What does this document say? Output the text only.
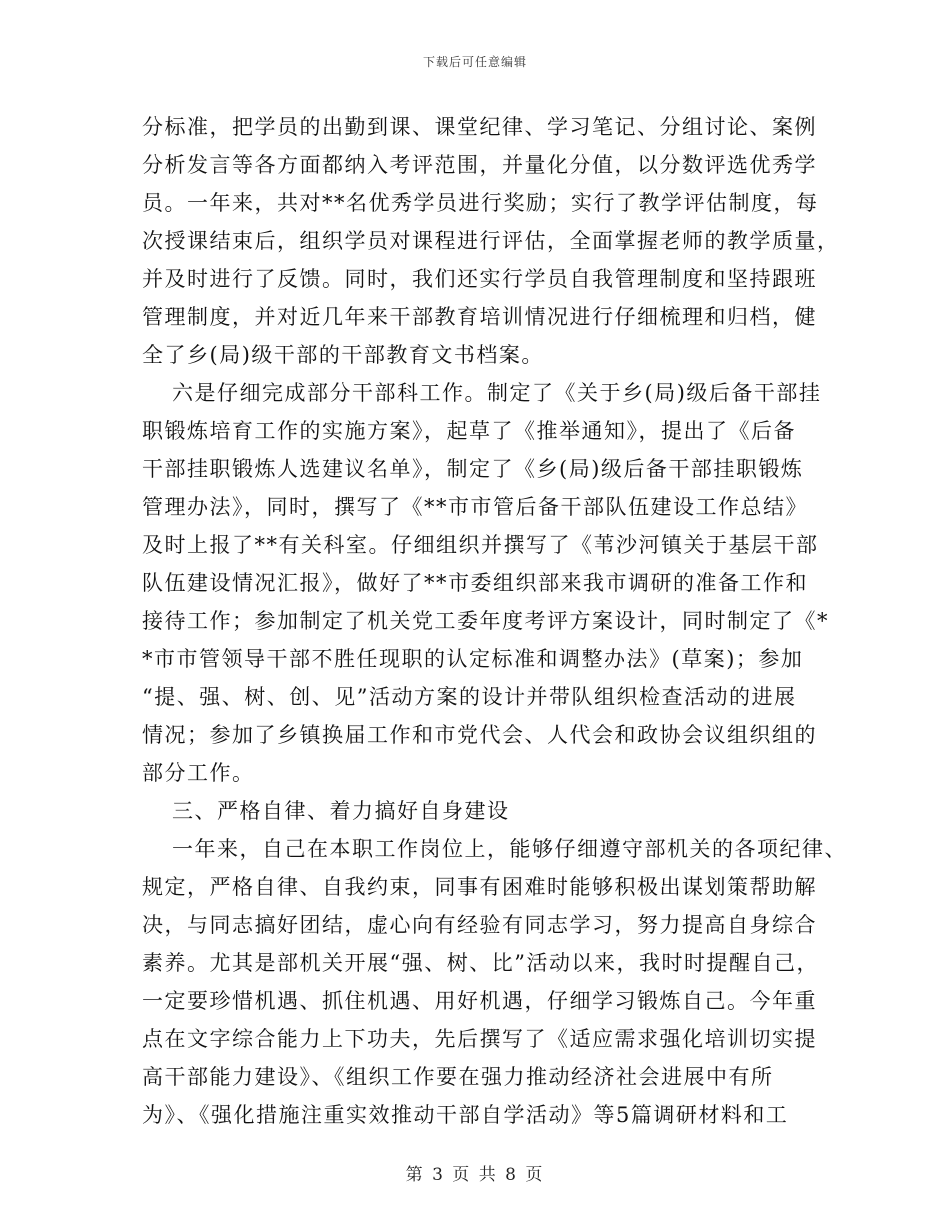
下载后可任意编辑
分标准，把学员的出勤到课、课堂纪律、学习笔记、分组讨论、案例
分析发言等各方面都纳入考评范围，并量化分值，以分数评选优秀学
员。一年来，共对**名优秀学员进行奖励；实行了教学评估制度，每
次授课结束后，组织学员对课程进行评估，全面掌握老师的教学质量，
并及时进行了反馈。同时，我们还实行学员自我管理制度和坚持跟班
管理制度，并对近几年来干部教育培训情况进行仔细梳理和归档，健
全了乡(局)级干部的干部教育文书档案。
六是仔细完成部分干部科工作。制定了《关于乡(局)级后备干部挂
职锻炼培育工作的实施方案》，起草了《推举通知》，提出了《后备
干部挂职锻炼人选建议名单》，制定了《乡(局)级后备干部挂职锻炼
管理办法》，同时，撰写了《**市市管后备干部队伍建设工作总结》
及时上报了**有关科室。仔细组织并撰写了《苇沙河镇关于基层干部
队伍建设情况汇报》，做好了**市委组织部来我市调研的准备工作和
接待工作；参加制定了机关党工委年度考评方案设计，同时制定了《*
*市市管领导干部不胜任现职的认定标准和调整办法》(草案)；参加
“提、强、树、创、见”活动方案的设计并带队组织检查活动的进展
情况；参加了乡镇换届工作和市党代会、人代会和政协会议组织组的
部分工作。
三、严格自律、着力搞好自身建设
一年来，自己在本职工作岗位上，能够仔细遵守部机关的各项纪律、
规定，严格自律、自我约束，同事有困难时能够积极出谋划策帮助解
决，与同志搞好团结，虚心向有经验有同志学习，努力提高自身综合
素养。尤其是部机关开展“强、树、比”活动以来，我时时提醒自己，
一定要珍惜机遇、抓住机遇、用好机遇，仔细学习锻炼自己。今年重
点在文字综合能力上下功夫，先后撰写了《适应需求强化培训切实提
高干部能力建设》、《组织工作要在强力推动经济社会进展中有所
为》、《强化措施注重实效推动干部自学活动》等5篇调研材料和工
第 3 页 共 8 页
